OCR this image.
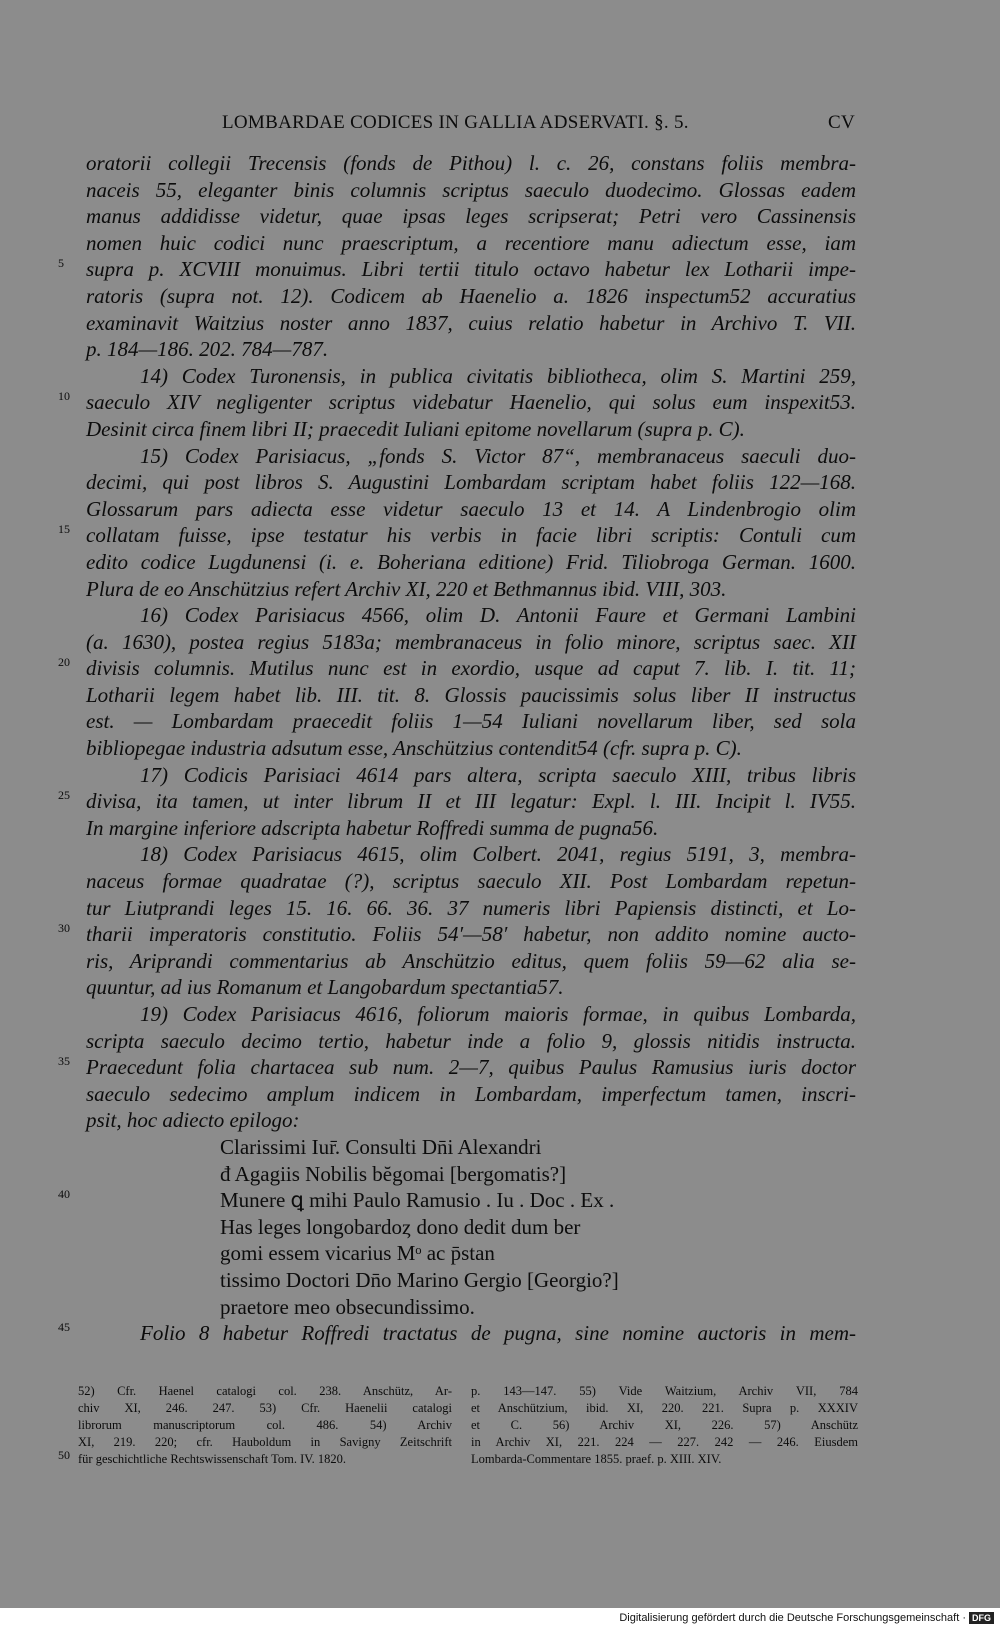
LOMBARDAE CODICES IN GALLIA ADSERVATI. §. 5.	CV
5
10
15
20
25
30
35
40
45
50
oratorii collegii Trecensis (fonds de Pithou) l. c. 26, constans foliis membra-
naceis 55, eleganter binis columnis scriptus saeculo duodecimo. Glossas eadem
manus addidisse videtur, quae ipsas leges scripserat; Petri vero Cassinensis
nomen huic codici nunc praescriptum, a recentiore manu adiectum esse, iam
supra p. XCVIII monuimus. Libri tertii titulo octavo habetur lex Lotharii impe-
ratoris (supra not. 12). Codicem ab Haenelio a. 1826 inspectum52 accuratius
examinavit Waitzius noster anno 1837, cuius relatio habetur in Archivo T. VII.
p. 184—186. 202. 784—787.
14) Codex Turonensis, in publica civitatis bibliotheca, olim S. Martini 259,
saeculo XIV negligenter scriptus videbatur Haenelio, qui solus eum inspexit53.
Desinit circa finem libri II; praecedit Iuliani epitome novellarum (supra p. C).
15) Codex Parisiacus, „fonds S. Victor 87“, membranaceus saeculi duo-
decimi, qui post libros S. Augustini Lombardam scriptam habet foliis 122—168.
Glossarum pars adiecta esse videtur saeculo 13 et 14. A Lindenbrogio olim
collatam fuisse, ipse testatur his verbis in facie libri scriptis: Contuli cum
edito codice Lugdunensi (i. e. Boheriana editione) Frid. Tiliobroga German. 1600.
Plura de eo Anschützius refert Archiv XI, 220 et Bethmannus ibid. VIII, 303.
16) Codex Parisiacus 4566, olim D. Antonii Faure et Germani Lambini
(a. 1630), postea regius 5183a; membranaceus in folio minore, scriptus saec. XII
divisis columnis. Mutilus nunc est in exordio, usque ad caput 7. lib. I. tit. 11;
Lotharii legem habet lib. III. tit. 8. Glossis paucissimis solus liber II instructus
est. — Lombardam praecedit foliis 1—54 Iuliani novellarum liber, sed sola
bibliopegae industria adsutum esse, Anschützius contendit54 (cfr. supra p. C).
17) Codicis Parisiaci 4614 pars altera, scripta saeculo XIII, tribus libris
divisa, ita tamen, ut inter librum II et III legatur: Expl. l. III. Incipit l. IV55.
In margine inferiore adscripta habetur Roffredi summa de pugna56.
18) Codex Parisiacus 4615, olim Colbert. 2041, regius 5191, 3, membra-
naceus formae quadratae (?), scriptus saeculo XII. Post Lombardam repetun-
tur Liutprandi leges 15. 16. 66. 36. 37 numeris libri Papiensis distincti, et Lo-
tharii imperatoris constitutio. Foliis 54′—58′ habetur, non addito nomine aucto-
ris, Ariprandi commentarius ab Anschützio editus, quem foliis 59—62 alia se-
quuntur, ad ius Romanum et Langobardum spectantia57.
19) Codex Parisiacus 4616, foliorum maioris formae, in quibus Lombarda,
scripta saeculo decimo tertio, habetur inde a folio 9, glossis nitidis instructa.
Praecedunt folia chartacea sub num. 2—7, quibus Paulus Ramusius iuris doctor
saeculo sedecimo amplum indicem in Lombardam, imperfectum tamen, inscri-
psit, hoc adiecto epilogo:
Clarissimi Iur̄. Consulti Dn̄i Alexandri
đ Agagiis Nobilis bĕgomai [bergomatis?]
Munere ꝗ mihi Paulo Ramusio . Iu . Doc . Ex .
Has leges longobardoȥ dono dedit dum ber
gomi essem vicarius Mᵒ ac p̄stan
tissimo Doctori Dn̄o Marino Gergio [Georgio?]
praetore meo obsecundissimo.
Folio 8 habetur Roffredi tractatus de pugna, sine nomine auctoris in mem-
52) Cfr. Haenel catalogi col. 238. Anschütz, Ar-
chiv XI, 246. 247. 53) Cfr. Haenelii catalogi
librorum manuscriptorum col. 486. 54) Archiv
XI, 219. 220; cfr. Hauboldum in Savigny Zeitschrift
für geschichtliche Rechtswissenschaft Tom. IV. 1820.
p. 143—147. 55) Vide Waitzium, Archiv VII, 784
et Anschützium, ibid. XI, 220. 221. Supra p. XXXIV
et C. 56) Archiv XI, 226. 57) Anschütz
in Archiv XI, 221. 224 — 227. 242 — 246. Eiusdem
Lombarda-Commentare 1855. praef. p. XIII. XIV.
Digitalisierung gefördert durch die Deutsche Forschungsgemeinschaft · DFG
